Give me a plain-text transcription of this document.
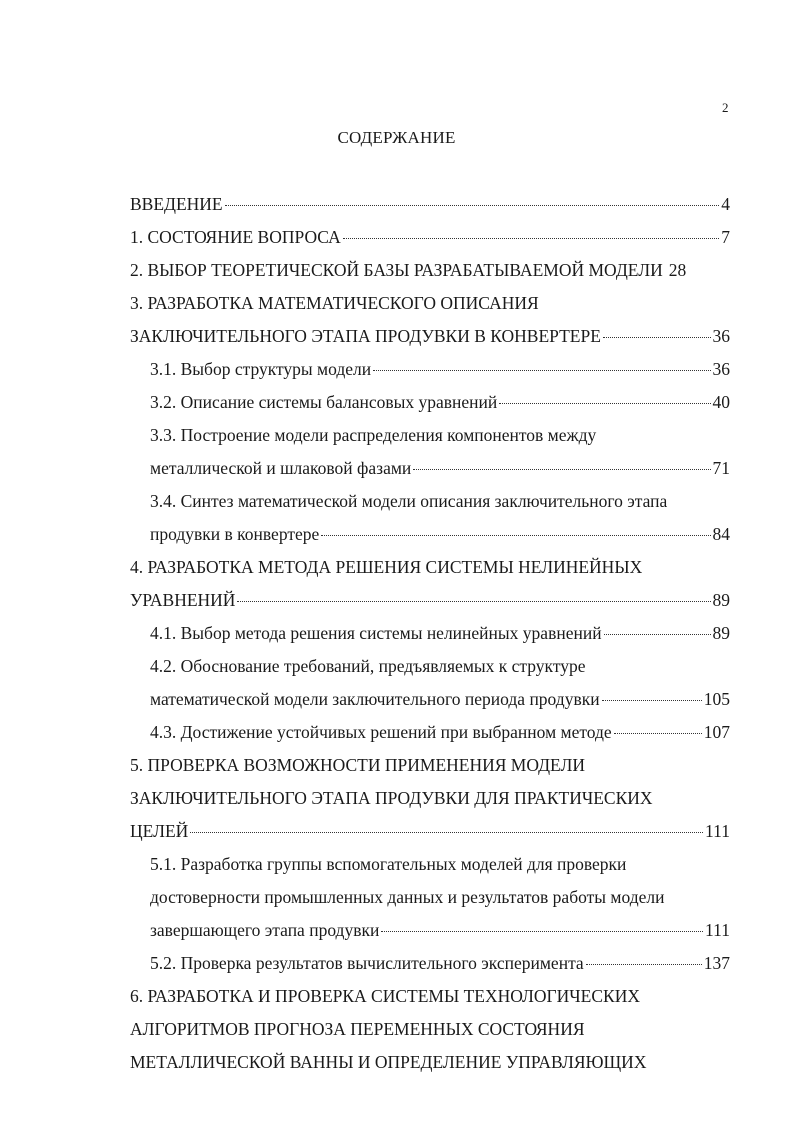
2
СОДЕРЖАНИЕ
ВВЕДЕНИЕ	4
1. СОСТОЯНИЕ ВОПРОСА	7
2. ВЫБОР ТЕОРЕТИЧЕСКОЙ БАЗЫ РАЗРАБАТЫВАЕМОЙ МОДЕЛИ 28
3. РАЗРАБОТКА МАТЕМАТИЧЕСКОГО ОПИСАНИЯ
ЗАКЛЮЧИТЕЛЬНОГО ЭТАПА ПРОДУВКИ В КОНВЕРТЕРЕ	36
3.1. Выбор структуры модели	36
3.2. Описание системы балансовых уравнений	40
3.3. Построение модели распределения компонентов между
металлической и шлаковой фазами	71
3.4. Синтез математической модели описания заключительного этапа
продувки в конвертере	84
4. РАЗРАБОТКА МЕТОДА РЕШЕНИЯ СИСТЕМЫ НЕЛИНЕЙНЫХ
УРАВНЕНИЙ	89
4.1. Выбор метода решения системы нелинейных уравнений	89
4.2. Обоснование требований, предъявляемых к структуре
математической модели заключительного периода продувки	105
4.3. Достижение устойчивых решений при выбранном методе	107
5. ПРОВЕРКА ВОЗМОЖНОСТИ ПРИМЕНЕНИЯ МОДЕЛИ
ЗАКЛЮЧИТЕЛЬНОГО ЭТАПА ПРОДУВКИ ДЛЯ ПРАКТИЧЕСКИХ
ЦЕЛЕЙ	111
5.1. Разработка группы вспомогательных моделей для проверки
достоверности промышленных данных и результатов работы модели
завершающего этапа продувки	111
5.2. Проверка результатов вычислительного эксперимента	137
6. РАЗРАБОТКА И ПРОВЕРКА СИСТЕМЫ ТЕХНОЛОГИЧЕСКИХ
АЛГОРИТМОВ ПРОГНОЗА ПЕРЕМЕННЫХ СОСТОЯНИЯ
МЕТАЛЛИЧЕСКОЙ ВАННЫ И ОПРЕДЕЛЕНИЕ УПРАВЛЯЮЩИХ
